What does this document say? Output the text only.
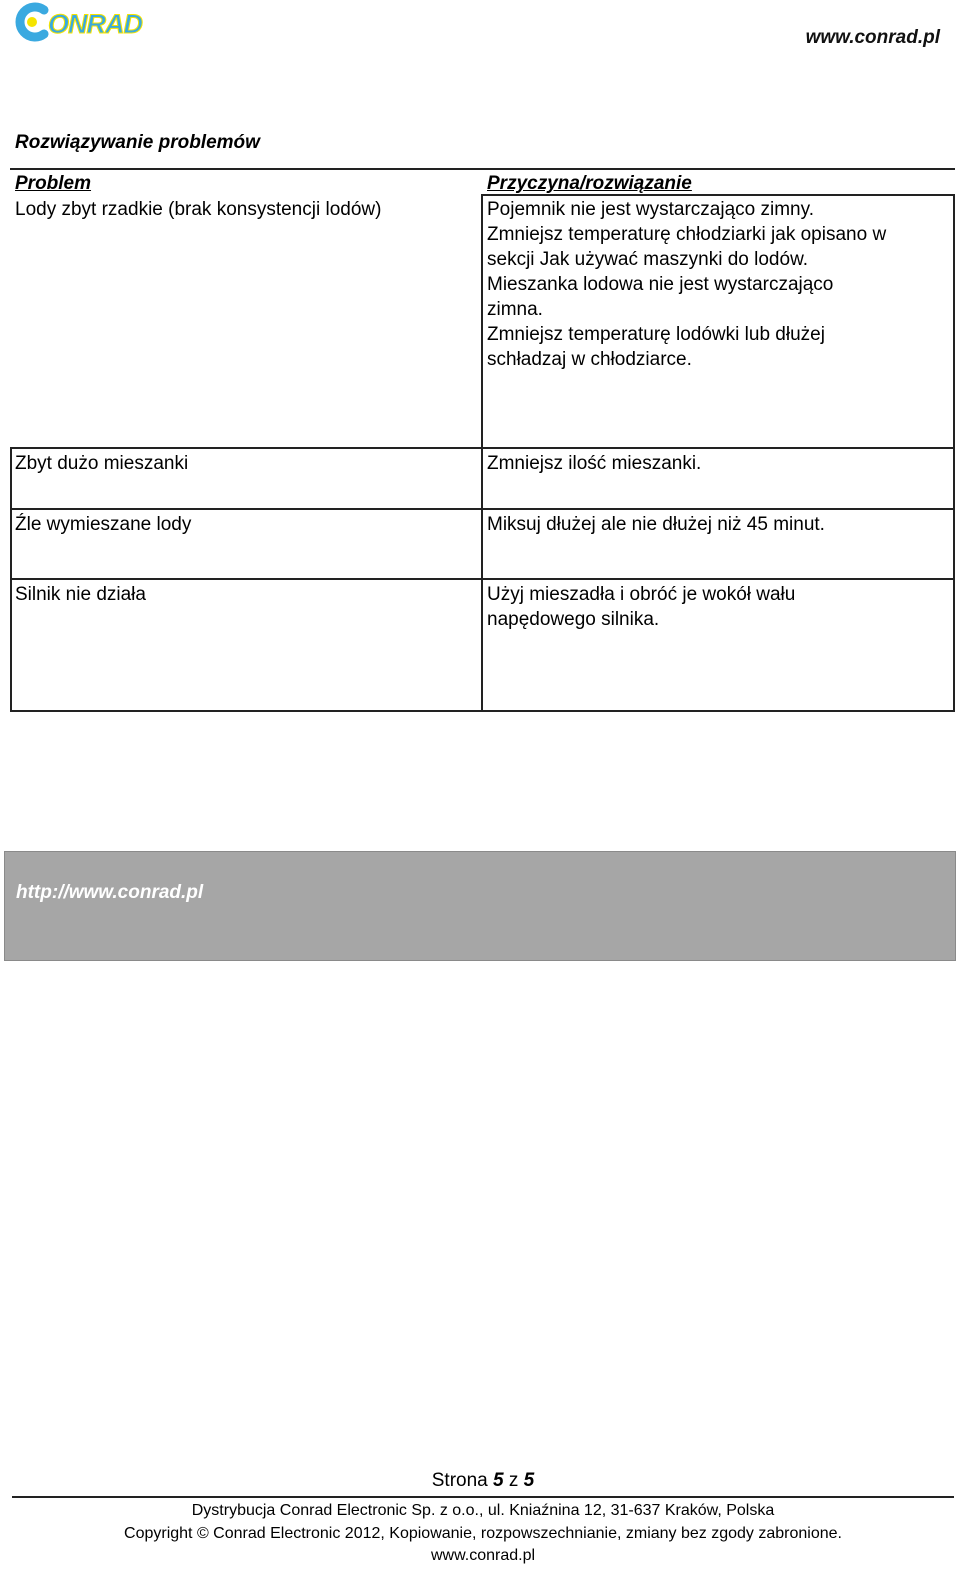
ONRAD	www.conrad.pl
Rozwiązywanie problemów
Problem	Przyczyna/rozwiązanie
Lody zbyt rzadkie (brak konsystencji lodów)	Pojemnik nie jest wystarczająco zimny.
Zmniejsz temperaturę chłodziarki jak opisano w
sekcji Jak używać maszynki do lodów.
Mieszanka lodowa nie jest wystarczająco
zimna.
Zmniejsz temperaturę lodówki lub dłużej
schładzaj w chłodziarce.
Zbyt dużo mieszanki	Zmniejsz ilość mieszanki.
Źle wymieszane lody	Miksuj dłużej ale nie dłużej niż 45 minut.
Silnik nie działa	Użyj mieszadła i obróć je wokół wału
napędowego silnika.
http://www.conrad.pl
Strona 5 z 5
Dystrybucja Conrad Electronic Sp. z o.o., ul. Kniaźnina 12, 31-637 Kraków, Polska
Copyright © Conrad Electronic 2012, Kopiowanie, rozpowszechnianie, zmiany bez zgody zabronione.
www.conrad.pl
